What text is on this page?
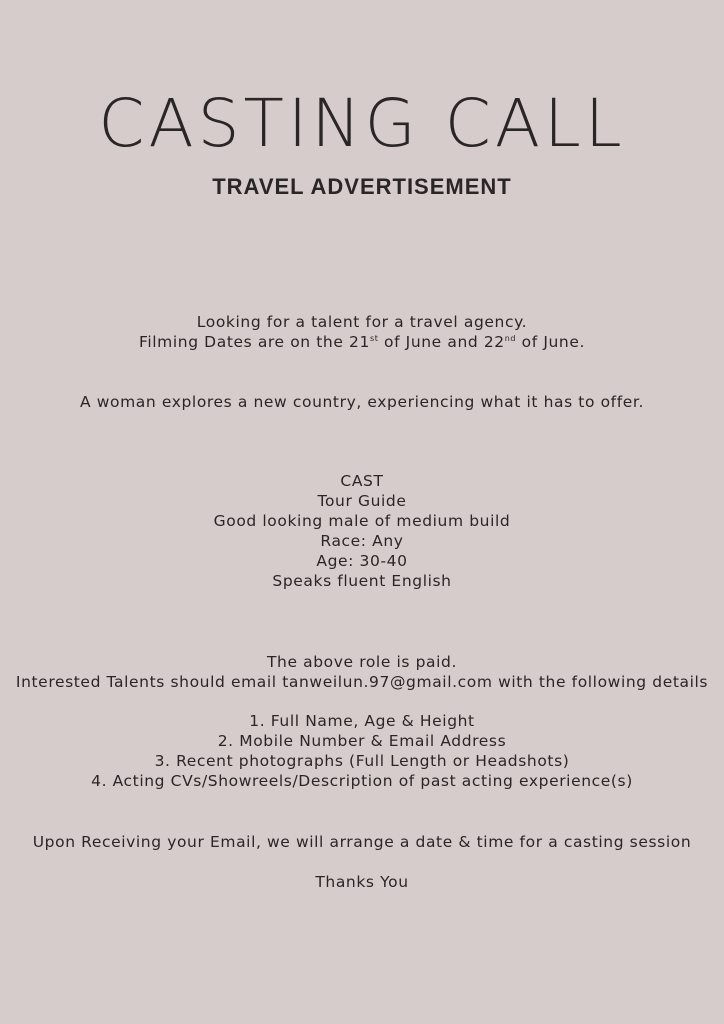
CASTING CALL
TRAVEL ADVERTISEMENT
Looking for a talent for a travel agency.
Filming Dates are on the 21st of June and 22nd of June.
A woman explores a new country, experiencing what it has to offer.
CAST
Tour Guide
Good looking male of medium build
Race: Any
Age: 30-40
Speaks fluent English
The above role is paid.
Interested Talents should email tanweilun.97@gmail.com with the following details
1. Full Name, Age & Height
2. Mobile Number & Email Address
3. Recent photographs (Full Length or Headshots)
4. Acting CVs/Showreels/Description of past acting experience(s)
Upon Receiving your Email, we will arrange a date & time for a casting session
Thanks You
